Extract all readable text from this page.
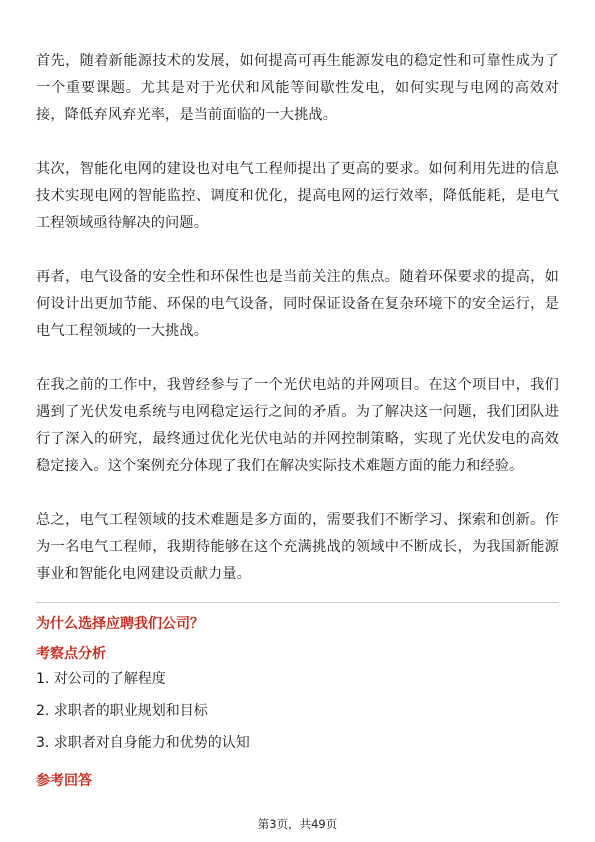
首先，随着新能源技术的发展，如何提高可再生能源发电的稳定性和可靠性成为了一个重要课题。尤其是对于光伏和风能等间歇性发电，如何实现与电网的高效对接，降低弃风弃光率，是当前面临的一大挑战。

其次，智能化电网的建设也对电气工程师提出了更高的要求。如何利用先进的信息技术实现电网的智能监控、调度和优化，提高电网的运行效率，降低能耗，是电气工程领域亟待解决的问题。

再者，电气设备的安全性和环保性也是当前关注的焦点。随着环保要求的提高，如何设计出更加节能、环保的电气设备，同时保证设备在复杂环境下的安全运行，是电气工程领域的一大挑战。

在我之前的工作中，我曾经参与了一个光伏电站的并网项目。在这个项目中，我们遇到了光伏发电系统与电网稳定运行之间的矛盾。为了解决这一问题，我们团队进行了深入的研究，最终通过优化光伏电站的并网控制策略，实现了光伏发电的高效稳定接入。这个案例充分体现了我们在解决实际技术难题方面的能力和经验。

总之，电气工程领域的技术难题是多方面的，需要我们不断学习、探索和创新。作为一名电气工程师，我期待能够在这个充满挑战的领域中不断成长，为我国新能源事业和智能化电网建设贡献力量。

为什么选择应聘我们公司？
考察点分析
1. 对公司的了解程度
2. 求职者的职业规划和目标
3. 求职者对自身能力和优势的认知
参考回答
第3页，共49页
